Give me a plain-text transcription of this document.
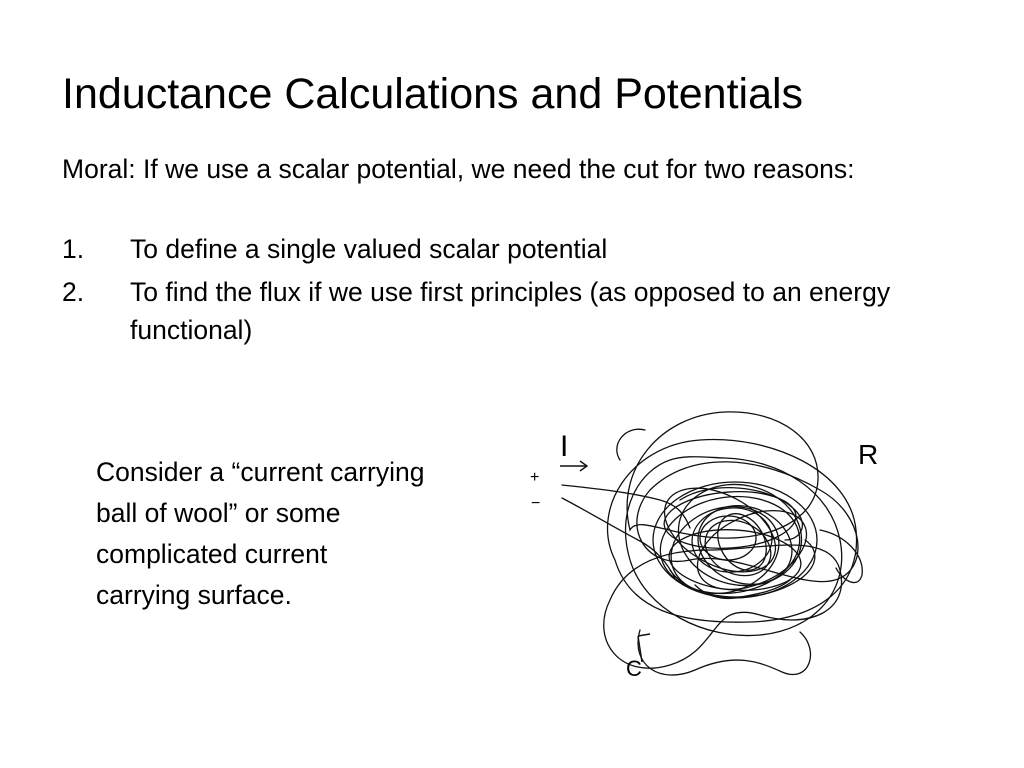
Inductance Calculations and Potentials

Moral: If we use a scalar potential, we need the cut for two reasons:

1. To define a single valued scalar potential
2. To find the flux if we use first principles (as opposed to an energy functional)

Consider a “current carrying ball of wool” or some complicated current carrying surface.

I	R
C
+
−
